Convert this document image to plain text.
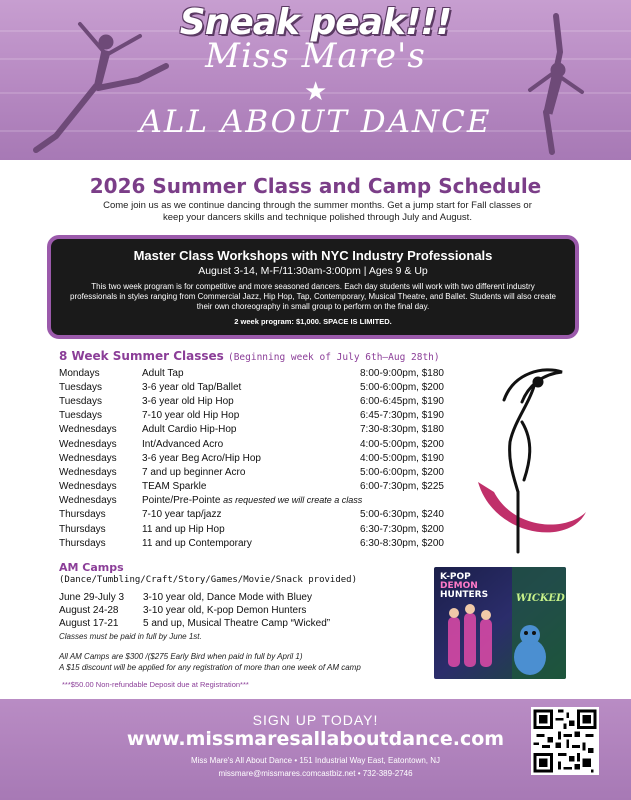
Sneak peak!!!
Miss Mare's
★
ALL ABOUT DANCE
2026 Summer Class and Camp Schedule
Come join us as we continue dancing through the summer months. Get a jump start for Fall classes or keep your dancers skills and technique polished through July and August.
Master Class Workshops with NYC Industry Professionals
August 3-14, M-F/11:30am-3:00pm | Ages 9 & Up
This two week program is for competitive and more seasoned dancers. Each day students will work with two different industry professionals in styles ranging from Commercial Jazz, Hip Hop, Tap, Contemporary, Musical Theatre, and Ballet. Students will also create their own choreography in small group to perform on the final day.
2 week program: $1,000. SPACE IS LIMITED.
8 Week Summer Classes (Beginning week of July 6th–Aug 28th)
Mondays	Adult Tap	8:00-9:00pm, $180
Tuesdays	3-6 year old Tap/Ballet	5:00-6:00pm, $200
Tuesdays	3-6 year old Hip Hop	6:00-6:45pm, $190
Tuesdays	7-10 year old Hip Hop	6:45-7:30pm, $190
Wednesdays	Adult Cardio Hip-Hop	7:30-8:30pm, $180
Wednesdays	Int/Advanced Acro	4:00-5:00pm, $200
Wednesdays	3-6 year Beg Acro/Hip Hop	4:00-5:00pm, $190
Wednesdays	7 and up beginner Acro	5:00-6:00pm, $200
Wednesdays	TEAM Sparkle	6:00-7:30pm, $225
Wednesdays	Pointe/Pre-Pointe as requested we will create a class	
Thursdays	7-10 year tap/jazz	5:00-6:30pm, $240
Thursdays	11 and up Hip Hop	6:30-7:30pm, $200
Thursdays	11 and up Contemporary	6:30-8:30pm, $200
AM Camps
(Dance/Tumbling/Craft/Story/Games/Movie/Snack provided)
June 29-July 3	3-10 year old, Dance Mode with Bluey
August 24-28	3-10 year old, K-pop Demon Hunters
August 17-21	5 and up, Musical Theatre Camp “Wicked”
Classes must be paid in full by June 1st.
All AM Camps are $300 /($275 Early Bird when paid in full by April 1)
A $15 discount will be applied for any registration of more than one week of AM camp
***$50.00 Non-refundable Deposit due at Registration***
K-POP
DEMON
HUNTERS	WICKED
SIGN UP TODAY!
www.missmaresallaboutdance.com
Miss Mare's All About Dance • 151 Industrial Way East, Eatontown, NJ
missmare@missmares.comcastbiz.net • 732-389-2746
